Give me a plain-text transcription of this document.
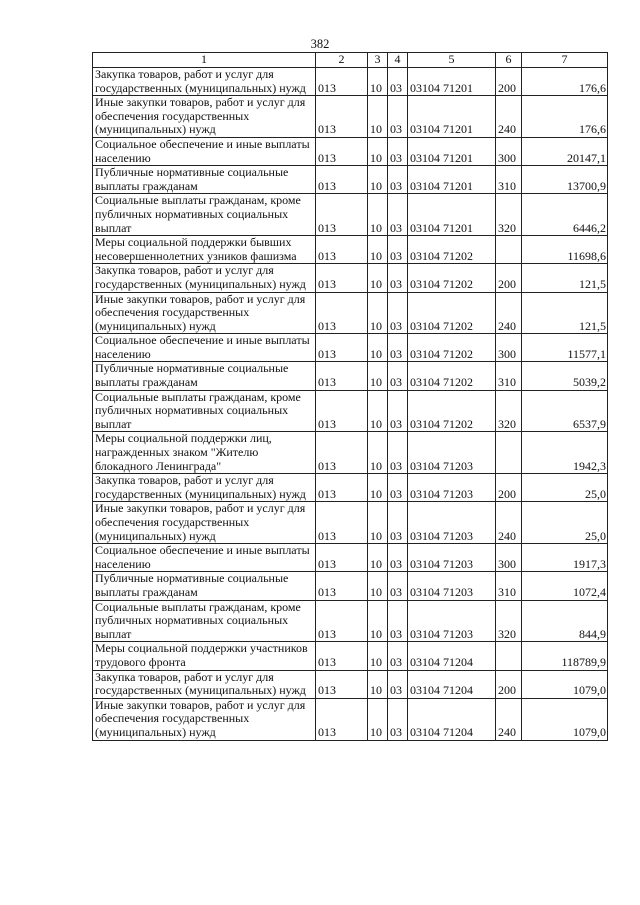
382
1	2	3	4	5	6	7
Закупка товаров, работ и услуг для государственных (муниципальных) нужд	013	10	03	03104 71201	200	176,6
Иные закупки товаров, работ и услуг для обеспечения государственных (муниципальных) нужд	013	10	03	03104 71201	240	176,6
Социальное обеспечение и иные выплаты населению	013	10	03	03104 71201	300	20147,1
Публичные нормативные социальные выплаты гражданам	013	10	03	03104 71201	310	13700,9
Социальные выплаты гражданам, кроме публичных нормативных социальных выплат	013	10	03	03104 71201	320	6446,2
Меры социальной поддержки бывших несовершеннолетних узников фашизма	013	10	03	03104 71202		11698,6
Закупка товаров, работ и услуг для государственных (муниципальных) нужд	013	10	03	03104 71202	200	121,5
Иные закупки товаров, работ и услуг для обеспечения государственных (муниципальных) нужд	013	10	03	03104 71202	240	121,5
Социальное обеспечение и иные выплаты населению	013	10	03	03104 71202	300	11577,1
Публичные нормативные социальные выплаты гражданам	013	10	03	03104 71202	310	5039,2
Социальные выплаты гражданам, кроме публичных нормативных социальных выплат	013	10	03	03104 71202	320	6537,9
Меры социальной поддержки лиц, награжденных знаком "Жителю блокадного Ленинграда"	013	10	03	03104 71203		1942,3
Закупка товаров, работ и услуг для государственных (муниципальных) нужд	013	10	03	03104 71203	200	25,0
Иные закупки товаров, работ и услуг для обеспечения государственных (муниципальных) нужд	013	10	03	03104 71203	240	25,0
Социальное обеспечение и иные выплаты населению	013	10	03	03104 71203	300	1917,3
Публичные нормативные социальные выплаты гражданам	013	10	03	03104 71203	310	1072,4
Социальные выплаты гражданам, кроме публичных нормативных социальных выплат	013	10	03	03104 71203	320	844,9
Меры социальной поддержки участников трудового фронта	013	10	03	03104 71204		118789,9
Закупка товаров, работ и услуг для государственных (муниципальных) нужд	013	10	03	03104 71204	200	1079,0
Иные закупки товаров, работ и услуг для обеспечения государственных (муниципальных) нужд	013	10	03	03104 71204	240	1079,0
